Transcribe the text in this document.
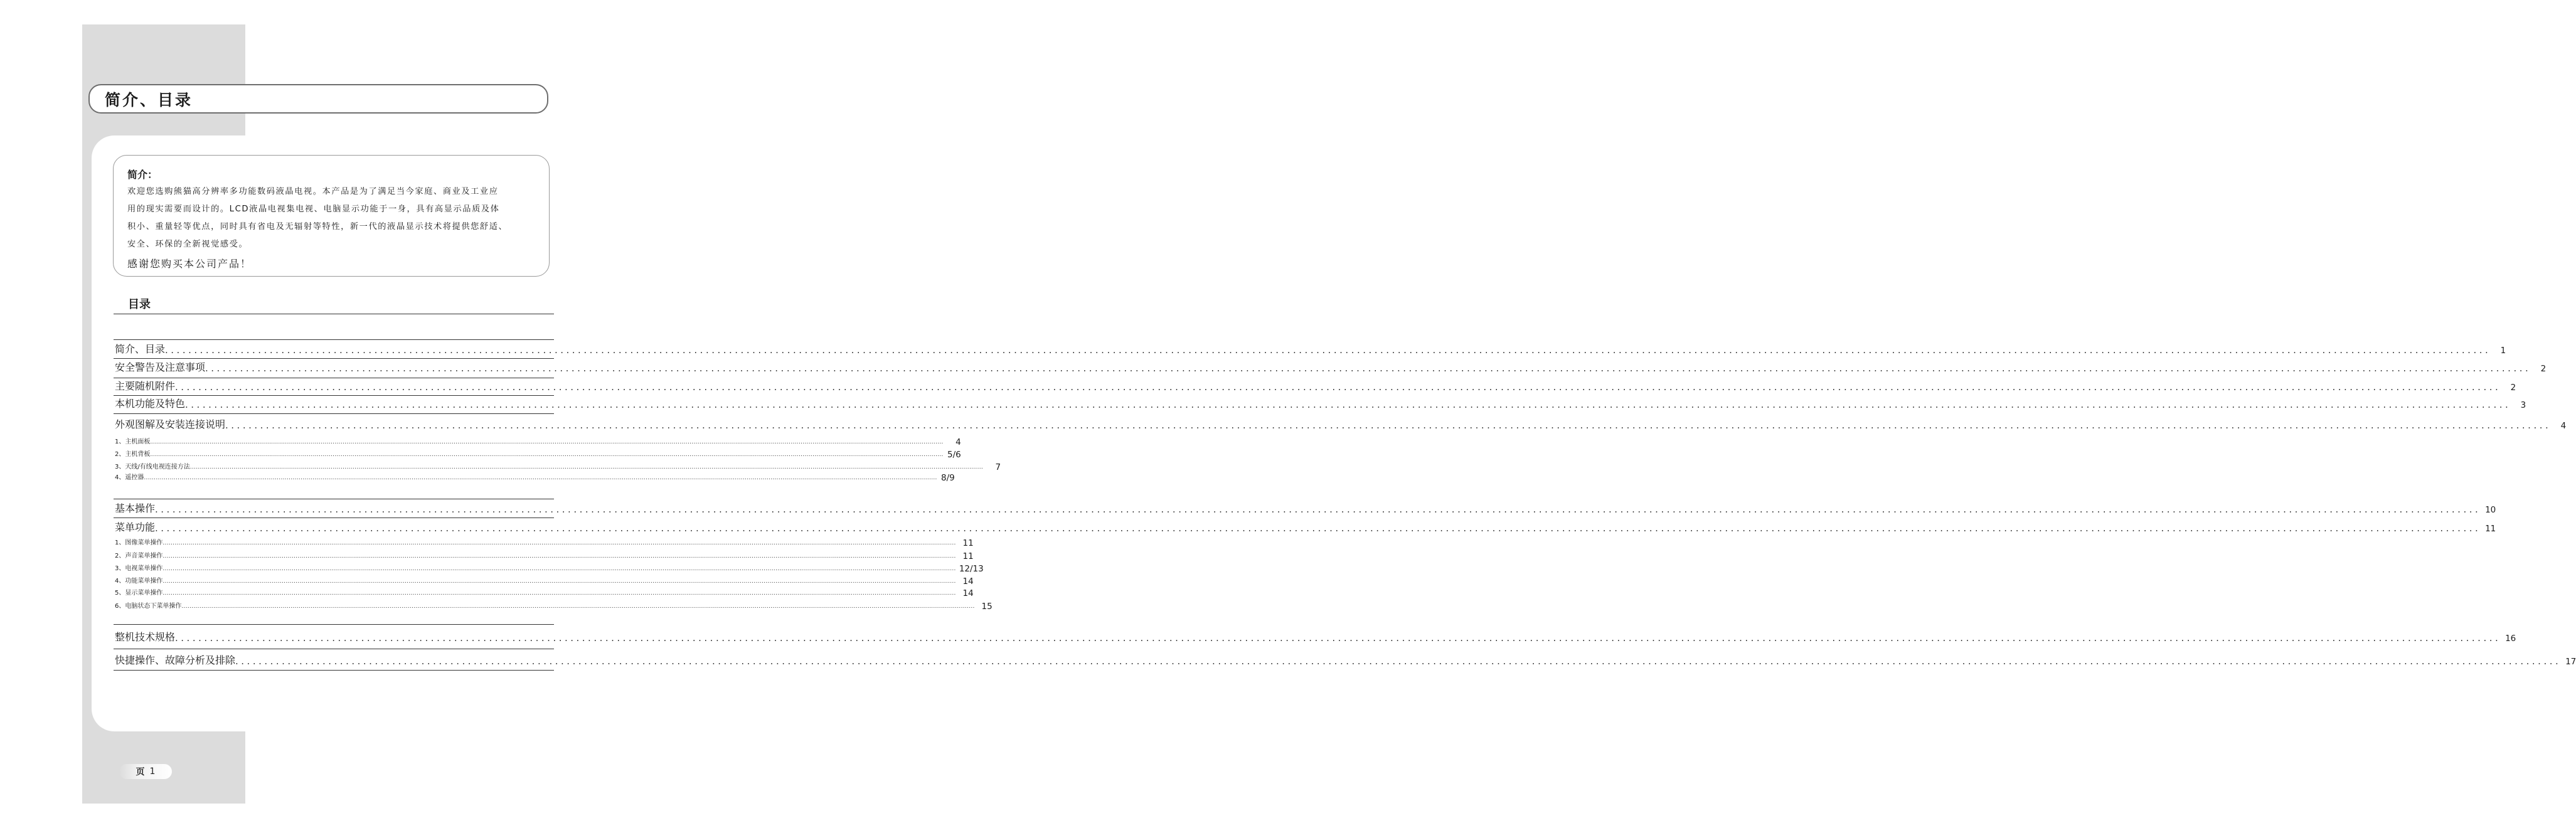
简介、目录
简介：
欢迎您选购熊猫高分辨率多功能数码液晶电视。本产品是为了满足当今家庭、商业及工业应
用的现实需要而设计的。LCD液晶电视集电视、电脑显示功能于一身，具有高显示品质及体
积小、重量轻等优点，同时具有省电及无辐射等特性，新一代的液晶显示技术将提供您舒适、
安全、环保的全新视觉感受。
感谢您购买本公司产品！
目录
简介、目录 ................................................................................................................................................................................................................................................................................................................................................................................................................	1
安全警告及注意事项 ................................................................................................................................................................................................................................................................................................................................................................................................................	2
主要随机附件 ................................................................................................................................................................................................................................................................................................................................................................................................................	2
本机功能及特色 ................................................................................................................................................................................................................................................................................................................................................................................................................	3
外观图解及安装连接说明 ................................................................................................................................................................................................................................................................................................................................................................................................................	4
1、主机面板 ................................................................................................................................................................................................................................................................................................................................................................................................................	4
2、主机背板 ................................................................................................................................................................................................................................................................................................................................................................................................................ 5/6
3、天线/有线电视连接方法 ................................................................................................................................................................................................................................................................................................................................................................................................................	7
4、遥控器 ................................................................................................................................................................................................................................................................................................................................................................................................................ 8/9
基本操作 ................................................................................................................................................................................................................................................................................................................................................................................................................ 10
菜单功能 ................................................................................................................................................................................................................................................................................................................................................................................................................ 11
1、图像菜单操作 ................................................................................................................................................................................................................................................................................................................................................................................................................ 11
2、声音菜单操作 ................................................................................................................................................................................................................................................................................................................................................................................................................ 11
3、电视菜单操作 ................................................................................................................................................................................................................................................................................................................................................................................................................ 12/13
4、功能菜单操作 ................................................................................................................................................................................................................................................................................................................................................................................................................ 14
5、显示菜单操作 ................................................................................................................................................................................................................................................................................................................................................................................................................ 14
6、电脑状态下菜单操作 ................................................................................................................................................................................................................................................................................................................................................................................................................ 15
整机技术规格 ................................................................................................................................................................................................................................................................................................................................................................................................................ 16
快捷操作、故障分析及排除 ................................................................................................................................................................................................................................................................................................................................................................................................................ 17
页 1
